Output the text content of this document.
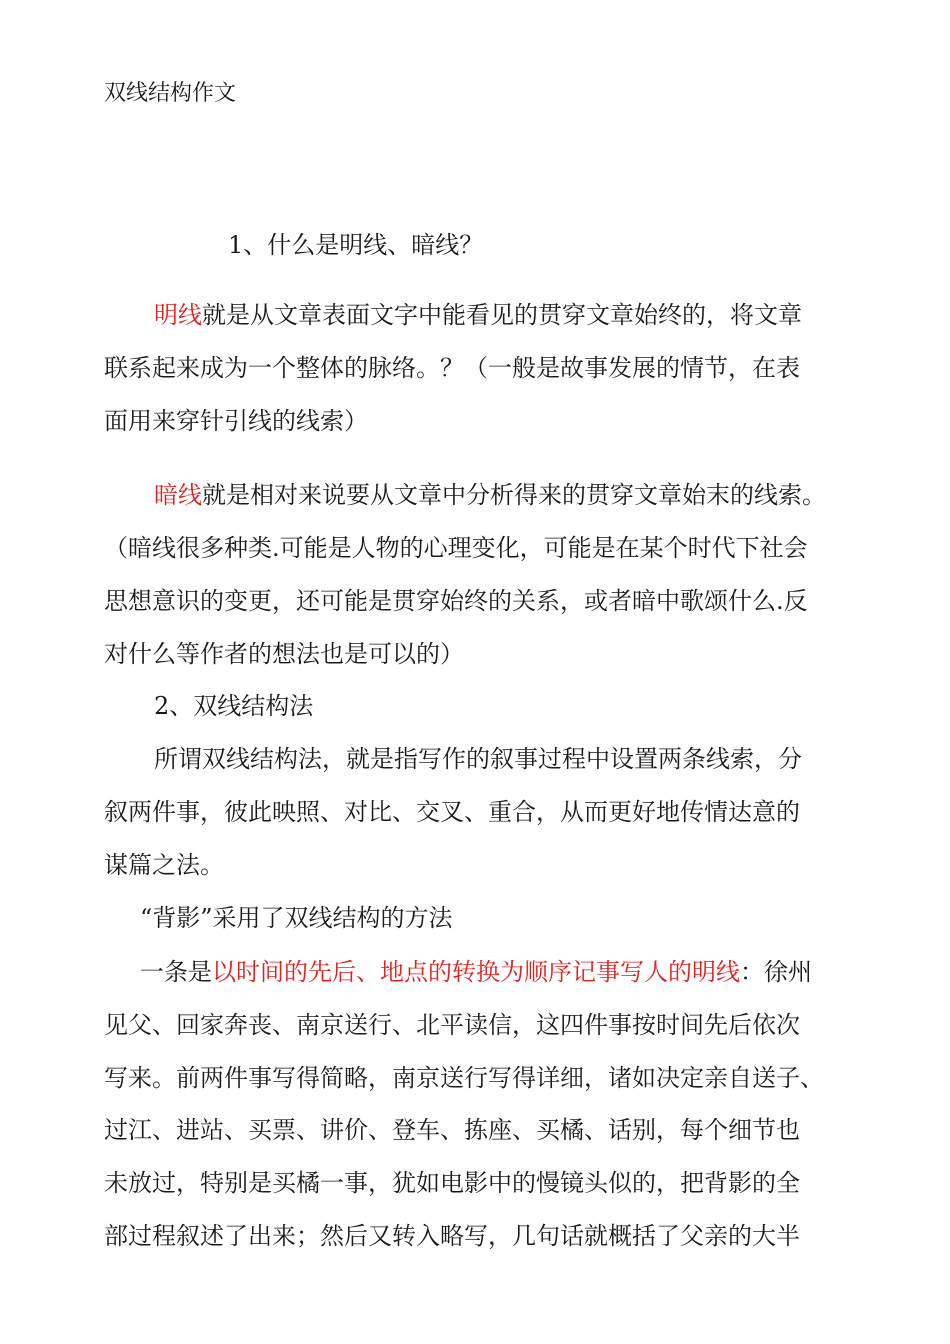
双线结构作文
1、什么是明线、暗线？
明线就是从文章表面文字中能看见的贯穿文章始终的，将文章
联系起来成为一个整体的脉络。？（一般是故事发展的情节，在表
面用来穿针引线的线索）
暗线就是相对来说要从文章中分析得来的贯穿文章始末的线索。
（暗线很多种类.可能是人物的心理变化，可能是在某个时代下社会
思想意识的变更，还可能是贯穿始终的关系，或者暗中歌颂什么.反
对什么等作者的想法也是可以的）
2、双线结构法
所谓双线结构法，就是指写作的叙事过程中设置两条线索，分
叙两件事，彼此映照、对比、交叉、重合，从而更好地传情达意的
谋篇之法。
“背影”采用了双线结构的方法
一条是以时间的先后、地点的转换为顺序记事写人的明线：徐州
见父、回家奔丧、南京送行、北平读信，这四件事按时间先后依次
写来。前两件事写得简略，南京送行写得详细，诸如决定亲自送子、
过江、进站、买票、讲价、登车、拣座、买橘、话别，每个细节也
未放过，特别是买橘一事，犹如电影中的慢镜头似的，把背影的全
部过程叙述了出来；然后又转入略写，几句话就概括了父亲的大半
